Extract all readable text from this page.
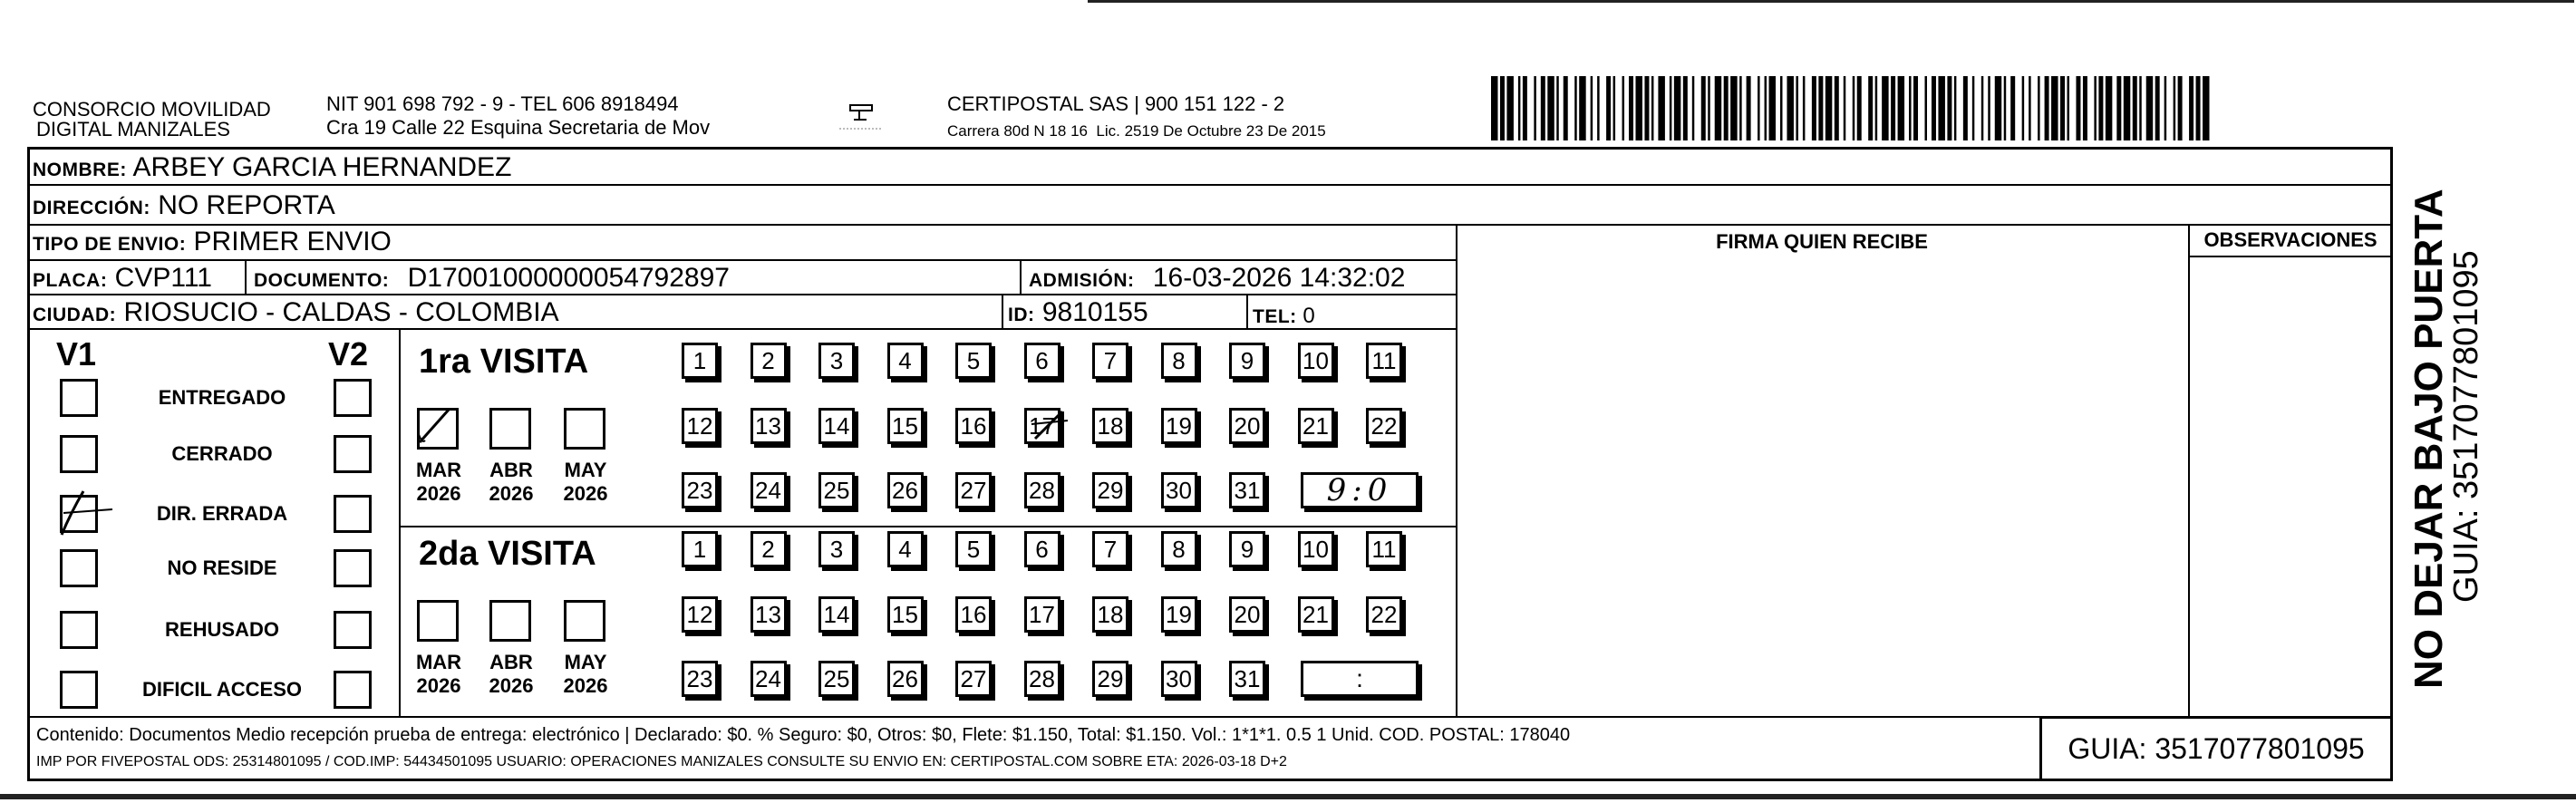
CONSORCIO MOVILIDAD
DIGITAL MANIZALES
NIT 901 698 792 - 9 - TEL 606 8918494
Cra 19 Calle 22 Esquina Secretaria de Mov
CERTIPOSTAL SAS | 900 151 122 - 2
Carrera 80d N 18 16  Lic. 2519 De Octubre 23 De 2015
NOMBRE: ARBEY GARCIA HERNANDEZ
DIRECCIÓN: NO REPORTA
TIPO DE ENVIO: PRIMER ENVIO
PLACA: CVP111 DOCUMENTO: D17001000000054792897	ADMISIÓN: 16-03-2026 14:32:02
CIUDAD: RIOSUCIO - CALDAS - COLOMBIA	ID: 9810155	TEL: 0
FIRMA QUIEN RECIBE	OBSERVACIONES
V1	V2
ENTREGADO
CERRADO
DIR. ERRADA
NO RESIDE
REHUSADO
DIFICIL ACCESO
1ra VISITA
MAR
2026
ABR
2026
MAY
2026
1	2	3	4	5	6	7	8	9	10 11
12 13 14 15 16 17 18 19 20 21 22
23 24 25 26 27 28 29 30 31	9:0
2da VISITA
MAR
2026
ABR
2026
MAY
2026
1	2	3	4	5	6	7	8	9	10 11
12 13 14 15 16 17 18 19 20 21 22
23 24 25 26 27 28 29 30 31	:
Contenido: Documentos Medio recepción prueba de entrega: electrónico | Declarado: $0. % Seguro: $0, Otros: $0, Flete: $1.150, Total: $1.150. Vol.: 1*1*1. 0.5 1 Unid. COD. POSTAL: 178040
IMP POR FIVEPOSTAL ODS: 25314801095 / COD.IMP: 54434501095 USUARIO: OPERACIONES MANIZALES CONSULTE SU ENVIO EN: CERTIPOSTAL.COM SOBRE ETA: 2026-03-18 D+2	GUIA: 3517077801095
NO DEJAR BAJO PUERTA
GUIA: 3517077801095
